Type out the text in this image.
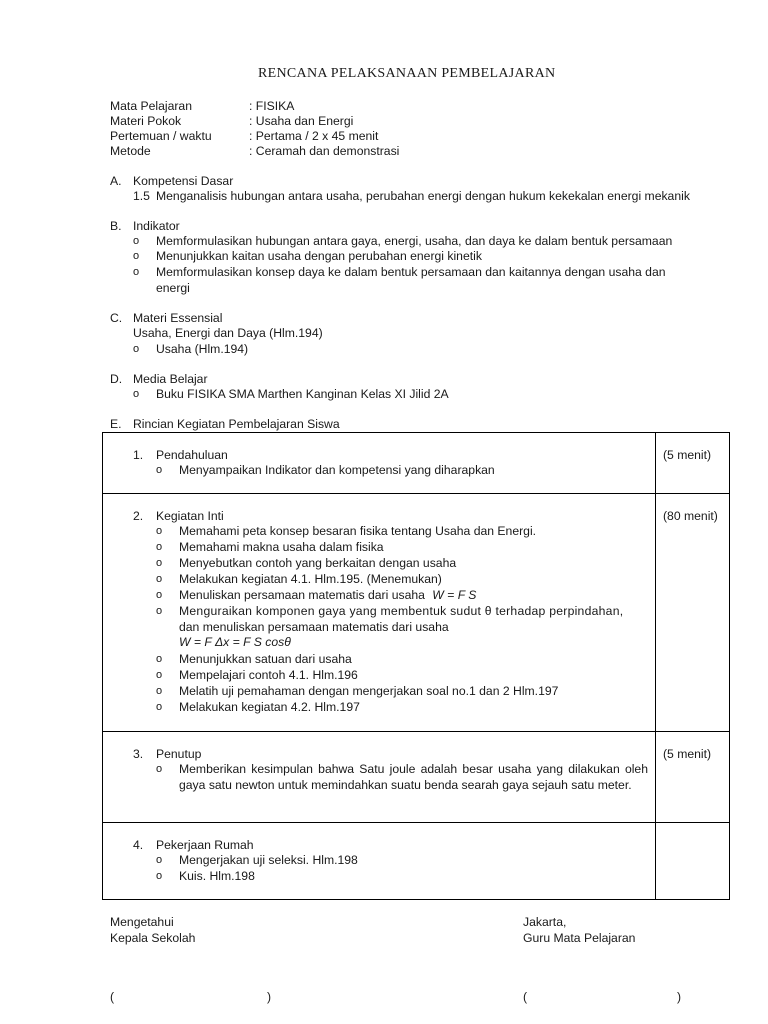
RENCANA PELAKSANAAN PEMBELAJARAN
Mata Pelajaran	: FISIKA
Materi Pokok	: Usaha dan Energi
Pertemuan / waktu	: Pertama / 2 x 45 menit
Metode	: Ceramah dan demonstrasi
A. Kompetensi Dasar
1.5 Menganalisis hubungan antara usaha, perubahan energi dengan hukum kekekalan energi mekanik
B. Indikator
o Memformulasikan hubungan antara gaya, energi, usaha, dan daya ke dalam bentuk persamaan
o Menunjukkan kaitan usaha dengan perubahan energi kinetik
o Memformulasikan konsep daya ke dalam bentuk persamaan dan kaitannya dengan usaha dan
energi
C. Materi Essensial
Usaha, Energi dan Daya (Hlm.194)
o Usaha (Hlm.194)
D. Media Belajar
o Buku FISIKA SMA Marthen Kanginan Kelas XI Jilid 2A
E. Rincian Kegiatan Pembelajaran Siswa
1. Pendahuluan	(5 menit)
o Menyampaikan Indikator dan kompetensi yang diharapkan
2. Kegiatan Inti	(80 menit)
o Memahami peta konsep besaran fisika tentang Usaha dan Energi.
o Memahami makna usaha dalam fisika
o Menyebutkan contoh yang berkaitan dengan usaha
o Melakukan kegiatan 4.1. Hlm.195. (Menemukan)
o Menuliskan persamaan matematis dari usaha W = F S
o Menguraikan komponen gaya yang membentuk sudut θ terhadap perpindahan,
dan menuliskan persamaan matematis dari usaha
W = F Δx = F S cosθ
o Menunjukkan satuan dari usaha
o Mempelajari contoh 4.1. Hlm.196
o Melatih uji pemahaman dengan mengerjakan soal no.1 dan 2 Hlm.197
o Melakukan kegiatan 4.2. Hlm.197
3. Penutup	(5 menit)
o Memberikan kesimpulan bahwa Satu joule adalah besar usaha yang dilakukan oleh gaya satu newton untuk memindahkan suatu benda searah gaya sejauh satu meter.
4. Pekerjaan Rumah
o Mengerjakan uji seleksi. Hlm.198
o Kuis. Hlm.198
Mengetahui
Kepala Sekolah
Jakarta,
Guru Mata Pelajaran
(	)	(	)
